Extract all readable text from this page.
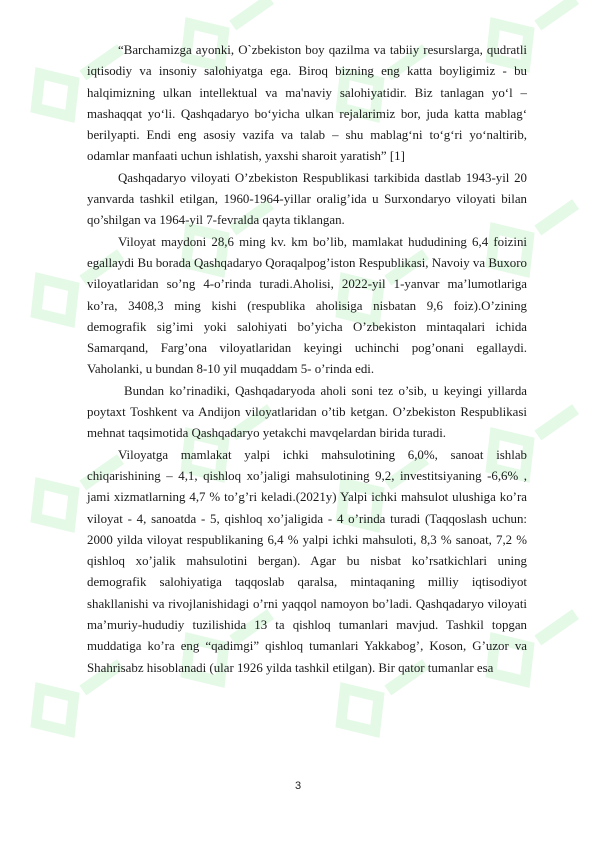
“Barchamizga ayonki, O`zbekiston boy qazilma va tabiiy resurslarga, qudratli iqtisodiy va insoniy salohiyatga ega. Biroq bizning eng katta boyligimiz - bu halqimizning ulkan intellektual va ma'naviy salohiyatidir. Biz tanlagan yo‘l – mashaqqat yo‘li. Qashqadaryo bo‘yicha ulkan rejalarimiz bor, juda katta mablag‘ berilyapti. Endi eng asosiy vazifa va talab – shu mablag‘ni to‘g‘ri yo‘naltirib, odamlar manfaati uchun ishlatish, yaxshi sharoit yaratish” [1]

Qashqadaryo viloyati O’zbekiston Respublikasi tarkibida dastlab 1943-yil 20 yanvarda tashkil etilgan, 1960-1964-yillar oralig’ida u Surxondaryo viloyati bilan qo’shilgan va 1964-yil 7-fevralda qayta tiklangan.

Viloyat maydoni 28,6 ming kv. km bo’lib, mamlakat hududining 6,4 foizini egallaydi Bu borada Qashqadaryo Qoraqalpog’iston Respublikasi, Navoiy va Buxoro viloyatlaridan so’ng 4-o’rinda turadi.Aholisi, 2022-yil 1-yanvar ma’lumotlariga ko’ra, 3408,3 ming kishi (respublika aholisiga nisbatan 9,6 foiz).O’zining demografik sig’imi yoki salohiyati bo’yicha O’zbekiston mintaqalari ichida Samarqand, Farg’ona viloyatlaridan keyingi uchinchi pog’onani egallaydi. Vaholanki, u bundan 8-10 yil muqaddam 5- o’rinda edi.

Bundan ko’rinadiki, Qashqadaryoda aholi soni tez o’sib, u keyingi yillarda poytaxt Toshkent va Andijon viloyatlaridan o’tib ketgan. O’zbekiston Respublikasi mehnat taqsimotida Qashqadaryo yetakchi mavqelardan birida turadi.

Viloyatga mamlakat yalpi ichki mahsulotining 6,0%, sanoat ishlab chiqarishining – 4,1, qishloq xo’jaligi mahsulotining 9,2, investitsiyaning -6,6% , jami xizmatlarning 4,7 % to’g’ri keladi.(2021y) Yalpi ichki mahsulot ulushiga ko’ra viloyat - 4, sanoatda - 5, qishloq xo’jaligida - 4 o’rinda turadi (Taqqoslash uchun: 2000 yilda viloyat respublikaning 6,4 % yalpi ichki mahsuloti, 8,3 % sanoat, 7,2 % qishloq xo’jalik mahsulotini bergan). Agar bu nisbat ko’rsatkichlari uning demografik salohiyatiga taqqoslab qaralsa, mintaqaning milliy iqtisodiyot shakllanishi va rivojlanishidagi o’rni yaqqol namoyon bo’ladi. Qashqadaryo viloyati ma’muriy-hududiy tuzilishida 13 ta qishloq tumanlari mavjud. Tashkil topgan muddatiga ko’ra eng “qadimgi” qishloq tumanlari Yakkabog’, Koson, G’uzor va Shahrisabz hisoblanadi (ular 1926 yilda tashkil etilgan). Bir qator tumanlar esa

3
